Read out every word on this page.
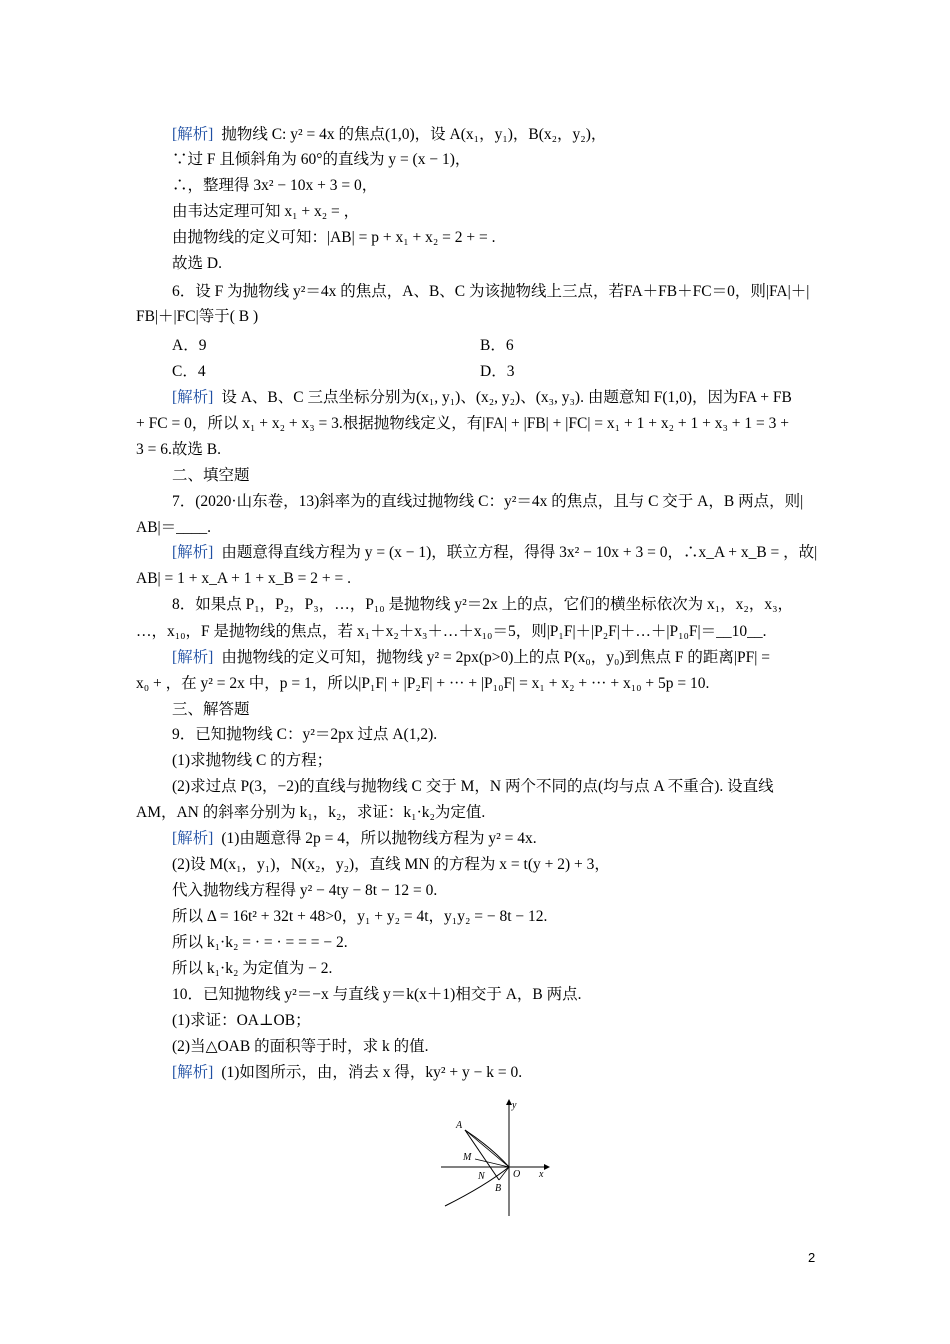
[解析] 抛物线 C: y² = 4x 的焦点(1,0)，设 A(x₁，y₁)，B(x₂，y₂)，
∵过 F 且倾斜角为 60°的直线为 y = (x − 1)，
∴，整理得 3x² − 10x + 3 = 0，
由韦达定理可知 x₁ + x₂ = ，
由抛物线的定义可知：|AB| = p + x₁ + x₂ = 2 + = .
故选 D.
6．设 F 为抛物线 y²＝4x 的焦点，A、B、C 为该抛物线上三点，若FA＋FB＋FC＝0，则|FA|＋|
FB|＋|FC|等于( B )
A．9	B．6
C．4	D．3
[解析] 设 A、B、C 三点坐标分别为(x₁, y₁)、(x₂, y₂)、(x₃, y₃). 由题意知 F(1,0)，因为FA + FB
+ FC = 0，所以 x₁ + x₂ + x₃ = 3.根据抛物线定义，有|FA| + |FB| + |FC| = x₁ + 1 + x₂ + 1 + x₃ + 1 = 3 +
3 = 6.故选 B.
二、填空题
7．(2020·山东卷，13)斜率为的直线过抛物线 C：y²＝4x 的焦点，且与 C 交于 A，B 两点，则|
AB|＝____.
[解析] 由题意得直线方程为 y = (x − 1)，联立方程，得得 3x² − 10x + 3 = 0，∴x_A + x_B = ，故|
AB| = 1 + x_A + 1 + x_B = 2 + = .
8．如果点 P₁，P₂，P₃，…，P₁₀ 是抛物线 y²＝2x 上的点，它们的横坐标依次为 x₁，x₂，x₃，
…，x₁₀，F 是抛物线的焦点，若 x₁＋x₂＋x₃＋…＋x₁₀＝5，则|P₁F|＋|P₂F|＋…＋|P₁₀F|＝__10__.
[解析] 由抛物线的定义可知，抛物线 y² = 2px(p>0)上的点 P(x₀，y₀)到焦点 F 的距离|PF| =
x₀ + ，在 y² = 2x 中，p = 1，所以|P₁F| + |P₂F| + ··· + |P₁₀F| = x₁ + x₂ + ··· + x₁₀ + 5p = 10.
三、解答题
9．已知抛物线 C：y²＝2px 过点 A(1,2).
(1)求抛物线 C 的方程；
(2)求过点 P(3，−2)的直线与抛物线 C 交于 M，N 两个不同的点(均与点 A 不重合). 设直线
AM，AN 的斜率分别为 k₁，k₂，求证：k₁·k₂为定值.
[解析] (1)由题意得 2p = 4，所以抛物线方程为 y² = 4x.
(2)设 M(x₁，y₁)，N(x₂，y₂)，直线 MN 的方程为 x = t(y + 2) + 3，
代入抛物线方程得 y² − 4ty − 8t − 12 = 0.
所以 Δ = 16t² + 32t + 48>0，y₁ + y₂ = 4t，y₁y₂ = − 8t − 12.
所以 k₁·k₂ = · = · = = = − 2.
所以 k₁·k₂ 为定值为 − 2.
10．已知抛物线 y²＝−x 与直线 y＝k(x＋1)相交于 A，B 两点.
(1)求证：OA⊥OB；
(2)当△OAB 的面积等于时，求 k 的值.
[解析] (1)如图所示，由，消去 x 得，ky² + y − k = 0.
A
M
N
B
O x
y
2
